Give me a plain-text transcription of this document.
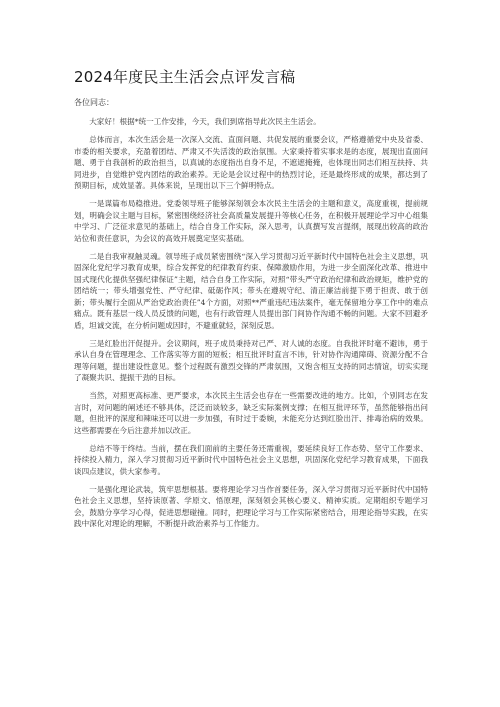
2024年度民主生活会点评发言稿
各位同志：

大家好！根据*统一工作安排，今天，我们到席指导此次民主生活会。

总体而言，本次生活会是一次深入交流、直面问题、共促发展的重要会议，严格遵循党中央及省委、市委的相关要求，充盈着团结、严肃又不失活泼的政治氛围。大家秉持着实事求是的态度，展现出直面问题、勇于自我剖析的政治担当，以真诚的态度指出自身不足，不遮遮掩掩，也体现出同志们相互扶持、共同进步，自觉维护党内团结的政治素养。无论是会议过程中的热烈讨论，还是最终形成的成果，都达到了预期目标，成效显著。具体来说，呈现出以下三个鲜明特点。

一是谋篇布局稳推进。党委领导班子能够深刻领会本次民主生活会的主题和意义，高度重视，提前规划，明确会议主题与目标，紧密围绕经济社会高质量发展提升等核心任务，在积极开展理论学习中心组集中学习、广泛征求意见的基础上，结合自身工作实际，深入思考，认真撰写发言提纲，展现出较高的政治站位和责任意识，为会议的高效开展奠定坚实基础。

二是自我审视触灵魂。领导班子成员紧密围绕“深入学习贯彻习近平新时代中国特色社会主义思想，巩固深化党纪学习教育成果，综合发挥党的纪律教育约束、保障激励作用，为进一步全面深化改革、推进中国式现代化提供坚强纪律保证”主题，结合自身工作实际，对照“带头严守政治纪律和政治规矩，维护党的团结统一；带头增强党性、严守纪律、砥砺作风；带头在遵规守纪、清正廉洁前提下勇于担责、敢于创新；带头履行全面从严治党政治责任”4个方面，对照**严重违纪违法案件，毫无保留地分享工作中的难点痛点。既有基层一线人员反馈的问题，也有行政管理人员提出部门间协作沟通不畅的问题。大家不回避矛盾，坦诚交流，在分析问题成因时，不避重就轻，深刻反思。

三是红脸出汗促提升。会议期间，班子成员秉持对己严、对人诚的态度。自我批评时毫不避讳，勇于承认自身在管理理念、工作落实等方面的短板；相互批评时直言不讳，针对协作沟通障碍、资源分配不合理等问题，提出建设性意见。整个过程既有激烈交锋的严肃氛围，又饱含相互支持的同志情谊，切实实现了凝聚共识、提振干劲的目标。

当然，对照更高标准、更严要求，本次民主生活会也存在一些需要改进的地方。比如，个别同志在发言时，对问题的阐述还不够具体，泛泛而谈较多，缺乏实际案例支撑；在相互批评环节，虽然能够指出问题，但批评的深度和辣味还可以进一步加强，有时过于委婉，未能充分达到红脸出汗、排毒治病的效果。这些都需要在今后注意并加以改正。

总结不等于终结。当前，摆在我们面前的主要任务还需重视，要延续良好工作态势、坚守工作要求、持续投入精力，深入学习贯彻习近平新时代中国特色社会主义思想，巩固深化党纪学习教育成果，下面我谈四点建议，供大家参考。

一是强化理论武装，筑牢思想根基。要将理论学习当作首要任务，深入学习贯彻习近平新时代中国特色社会主义思想，坚持读原著、学原文、悟原理，深刻领会其核心要义、精神实质。定期组织专题学习会，鼓励分享学习心得，促进思想碰撞。同时，把理论学习与工作实际紧密结合，用理论指导实践，在实践中深化对理论的理解，不断提升政治素养与工作能力。
